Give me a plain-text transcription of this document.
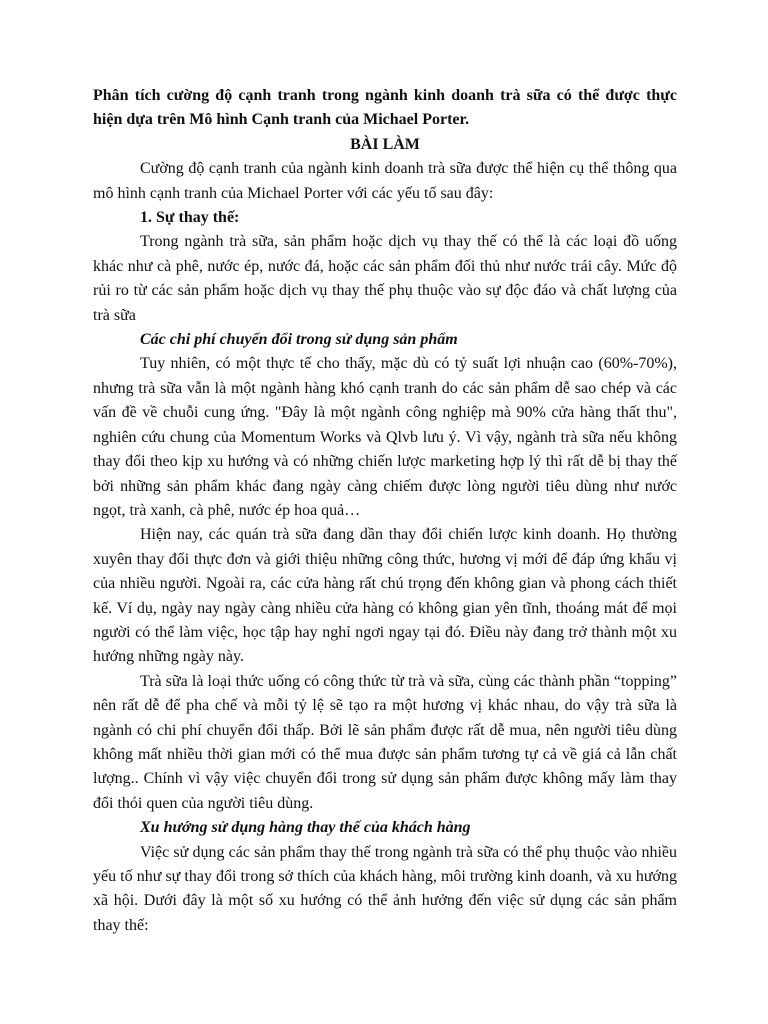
Phân tích cường độ cạnh tranh trong ngành kinh doanh trà sữa có thể được thực hiện dựa trên Mô hình Cạnh tranh của Michael Porter.

BÀI LÀM

Cường độ cạnh tranh của ngành kinh doanh trà sữa được thể hiện cụ thể thông qua mô hình cạnh tranh của Michael Porter với các yếu tố sau đây:

1. Sự thay thế:

Trong ngành trà sữa, sản phẩm hoặc dịch vụ thay thế có thể là các loại đồ uống khác như cà phê, nước ép, nước đá, hoặc các sản phẩm đối thủ như nước trái cây. Mức độ rủi ro từ các sản phẩm hoặc dịch vụ thay thế phụ thuộc vào sự độc đáo và chất lượng của trà sữa

Các chi phí chuyển đổi trong sử dụng sản phẩm

Tuy nhiên, có một thực tế cho thấy, mặc dù có tỷ suất lợi nhuận cao (60%-70%), nhưng trà sữa vẫn là một ngành hàng khó cạnh tranh do các sản phẩm dễ sao chép và các vấn đề về chuỗi cung ứng. "Đây là một ngành công nghiệp mà 90% cửa hàng thất thu", nghiên cứu chung của Momentum Works và Qlvb lưu ý. Vì vậy, ngành trà sữa nếu không thay đổi theo kịp xu hướng và có những chiến lược marketing hợp lý thì rất dễ bị thay thế bởi những sản phẩm khác đang ngày càng chiếm được lòng người tiêu dùng như nước ngọt, trà xanh, cà phê, nước ép hoa quả…

Hiện nay, các quán trà sữa đang dần thay đổi chiến lược kinh doanh. Họ thường xuyên thay đổi thực đơn và giới thiệu những công thức, hương vị mới để đáp ứng khẩu vị của nhiều người. Ngoài ra, các cửa hàng rất chú trọng đến không gian và phong cách thiết kế. Ví dụ, ngày nay ngày càng nhiều cửa hàng có không gian yên tĩnh, thoáng mát để mọi người có thể làm việc, học tập hay nghỉ ngơi ngay tại đó. Điều này đang trở thành một xu hướng những ngày này.

Trà sữa là loại thức uống có công thức từ trà và sữa, cùng các thành phần “topping” nên rất dễ để pha chế và mỗi tỷ lệ sẽ tạo ra một hương vị khác nhau, do vậy trà sữa là ngành có chi phí chuyển đổi thấp. Bởi lẽ sản phẩm được rất dễ mua, nên người tiêu dùng không mất nhiều thời gian mới có thể mua được sản phẩm tương tự cả về giá cả lẫn chất lượng.. Chính vì vậy việc chuyển đổi trong sử dụng sản phẩm được không mấy làm thay đổi thói quen của người tiêu dùng.

Xu hướng sử dụng hàng thay thế của khách hàng

Việc sử dụng các sản phẩm thay thế trong ngành trà sữa có thể phụ thuộc vào nhiều yếu tố như sự thay đổi trong sở thích của khách hàng, môi trường kinh doanh, và xu hướng xã hội. Dưới đây là một số xu hướng có thể ảnh hưởng đến việc sử dụng các sản phẩm thay thế:
